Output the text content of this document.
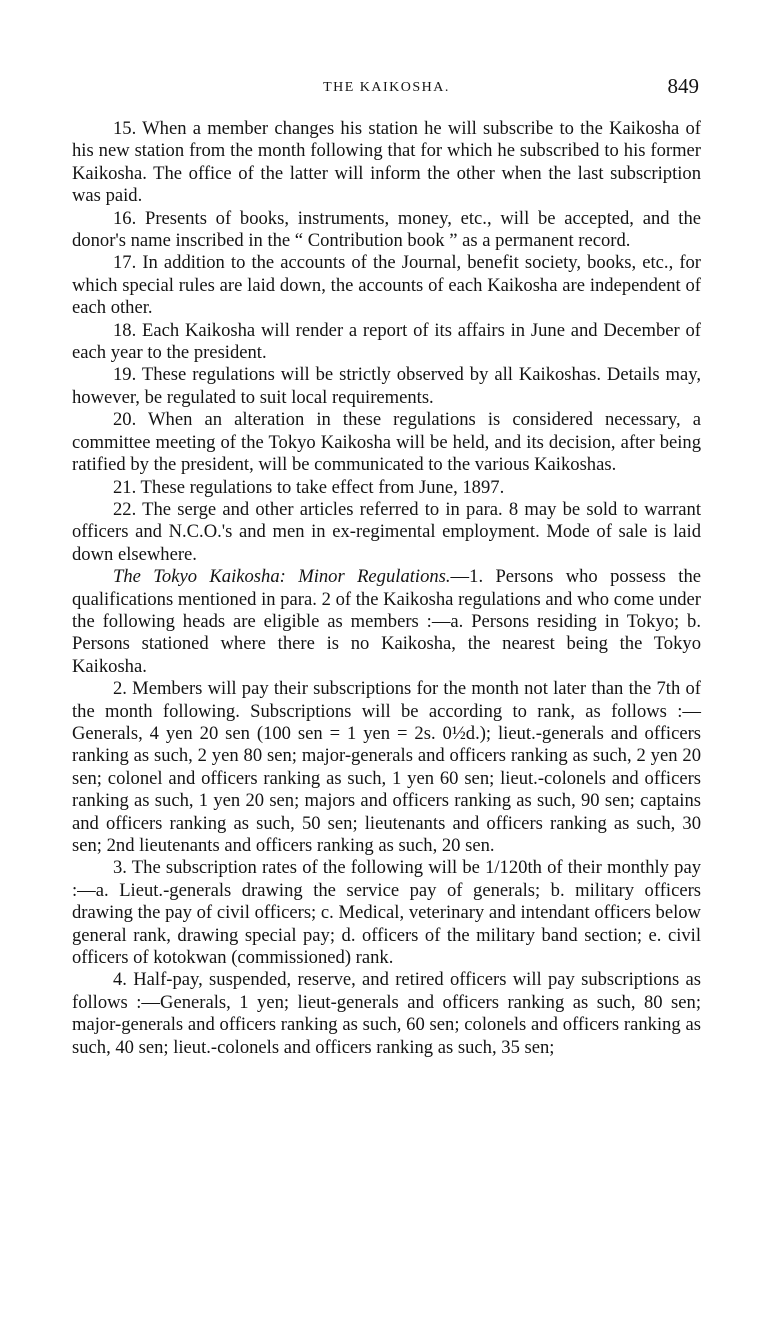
THE KAIKOSHA.	849

15. When a member changes his station he will subscribe to the Kaikosha of his new station from the month following that for which he subscribed to his former Kaikosha. The office of the latter will inform the other when the last subscription was paid.

16. Presents of books, instruments, money, etc., will be accepted, and the donor's name inscribed in the “ Contribution book ” as a permanent record.

17. In addition to the accounts of the Journal, benefit society, books, etc., for which special rules are laid down, the accounts of each Kaikosha are independent of each other.

18. Each Kaikosha will render a report of its affairs in June and December of each year to the president.

19. These regulations will be strictly observed by all Kaikoshas. Details may, however, be regulated to suit local requirements.

20. When an alteration in these regulations is considered necessary, a committee meeting of the Tokyo Kaikosha will be held, and its decision, after being ratified by the president, will be communicated to the various Kaikoshas.

21. These regulations to take effect from June, 1897.

22. The serge and other articles referred to in para. 8 may be sold to warrant officers and N.C.O.'s and men in ex-regimental employment. Mode of sale is laid down elsewhere.

The Tokyo Kaikosha: Minor Regulations.—1. Persons who possess the qualifications mentioned in para. 2 of the Kaikosha regulations and who come under the following heads are eligible as members :—a. Persons residing in Tokyo; b. Persons stationed where there is no Kaikosha, the nearest being the Tokyo Kaikosha.

2. Members will pay their subscriptions for the month not later than the 7th of the month following. Subscriptions will be according to rank, as follows :—Generals, 4 yen 20 sen (100 sen = 1 yen = 2s. 0½d.); lieut.-generals and officers ranking as such, 2 yen 80 sen; major-generals and officers ranking as such, 2 yen 20 sen; colonel and officers ranking as such, 1 yen 60 sen; lieut.-colonels and officers ranking as such, 1 yen 20 sen; majors and officers ranking as such, 90 sen; captains and officers ranking as such, 50 sen; lieutenants and officers ranking as such, 30 sen; 2nd lieutenants and officers ranking as such, 20 sen.

3. The subscription rates of the following will be 1/120th of their monthly pay :—a. Lieut.-generals drawing the service pay of generals; b. military officers drawing the pay of civil officers; c. Medical, veterinary and intendant officers below general rank, drawing special pay; d. officers of the military band section; e. civil officers of kotokwan (commissioned) rank.

4. Half-pay, suspended, reserve, and retired officers will pay subscriptions as follows :—Generals, 1 yen; lieut-generals and officers ranking as such, 80 sen; major-generals and officers ranking as such, 60 sen; colonels and officers ranking as such, 40 sen; lieut.-colonels and officers ranking as such, 35 sen;
